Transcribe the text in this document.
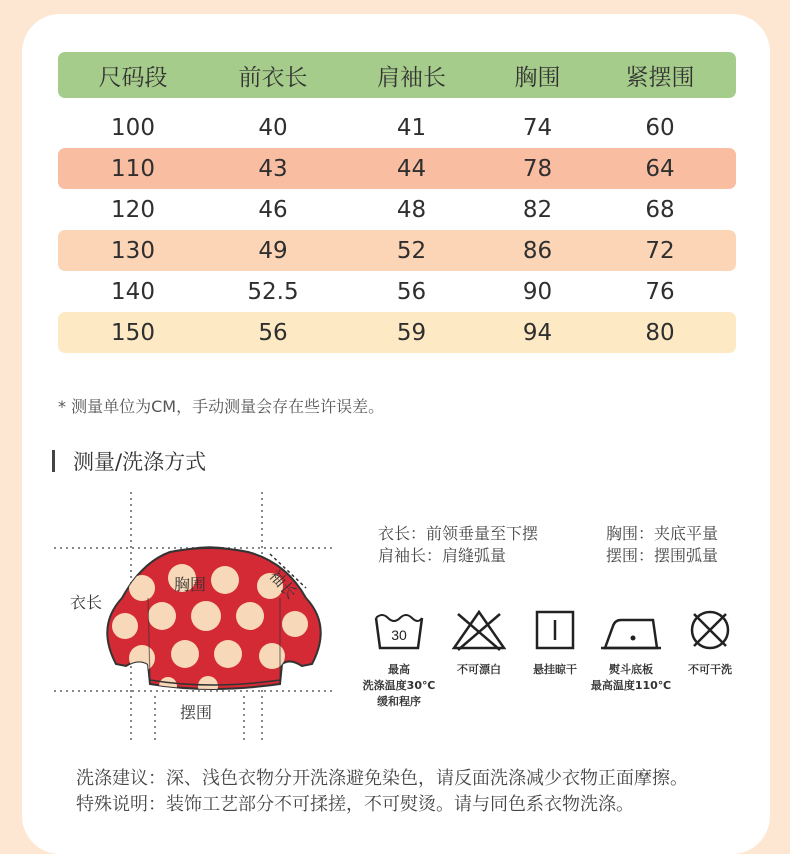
尺码段	前衣长	肩袖长	胸围	紧摆围
100	40	41	74	60
110	43	44	78	64
120	46	48	82	68
130	49	52	86	72
140	52.5	56	90	76
150	56	59	94	80
* 测量单位为CM，手动测量会存在些许误差。
测量/洗涤方式
衣长
胸围	袖长
摆围
衣长：前领垂量至下摆
肩袖长：肩缝弧量
胸围：夹底平量
摆围：摆围弧量
30
最高
洗涤温度30℃
缓和程序
不可漂白	悬挂晾干	熨斗底板
最高温度110℃
不可干洗
洗涤建议：深、浅色衣物分开洗涤避免染色，请反面洗涤减少衣物正面摩擦。
特殊说明：装饰工艺部分不可揉搓，不可熨烫。请与同色系衣物洗涤。
